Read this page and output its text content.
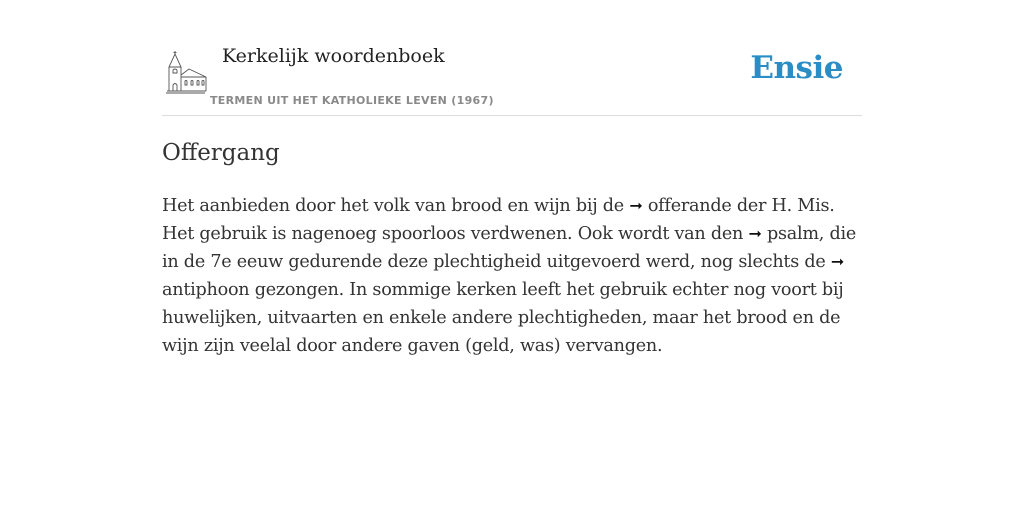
Kerkelijk woordenboek
TERMEN UIT HET KATHOLIEKE LEVEN (1967)
Ensie
Offergang

Het aanbieden door het volk van brood en wijn bij de ➞ offerande der H. Mis. Het gebruik is nagenoeg spoorloos verdwenen. Ook wordt van den ➞ psalm, die in de 7e eeuw gedurende deze plechtigheid uitgevoerd werd, nog slechts de ➞ antiphoon gezongen. In sommige kerken leeft het gebruik echter nog voort bij huwelijken, uitvaarten en enkele andere plechtigheden, maar het brood en de wijn zijn veelal door andere gaven (geld, was) vervangen.
